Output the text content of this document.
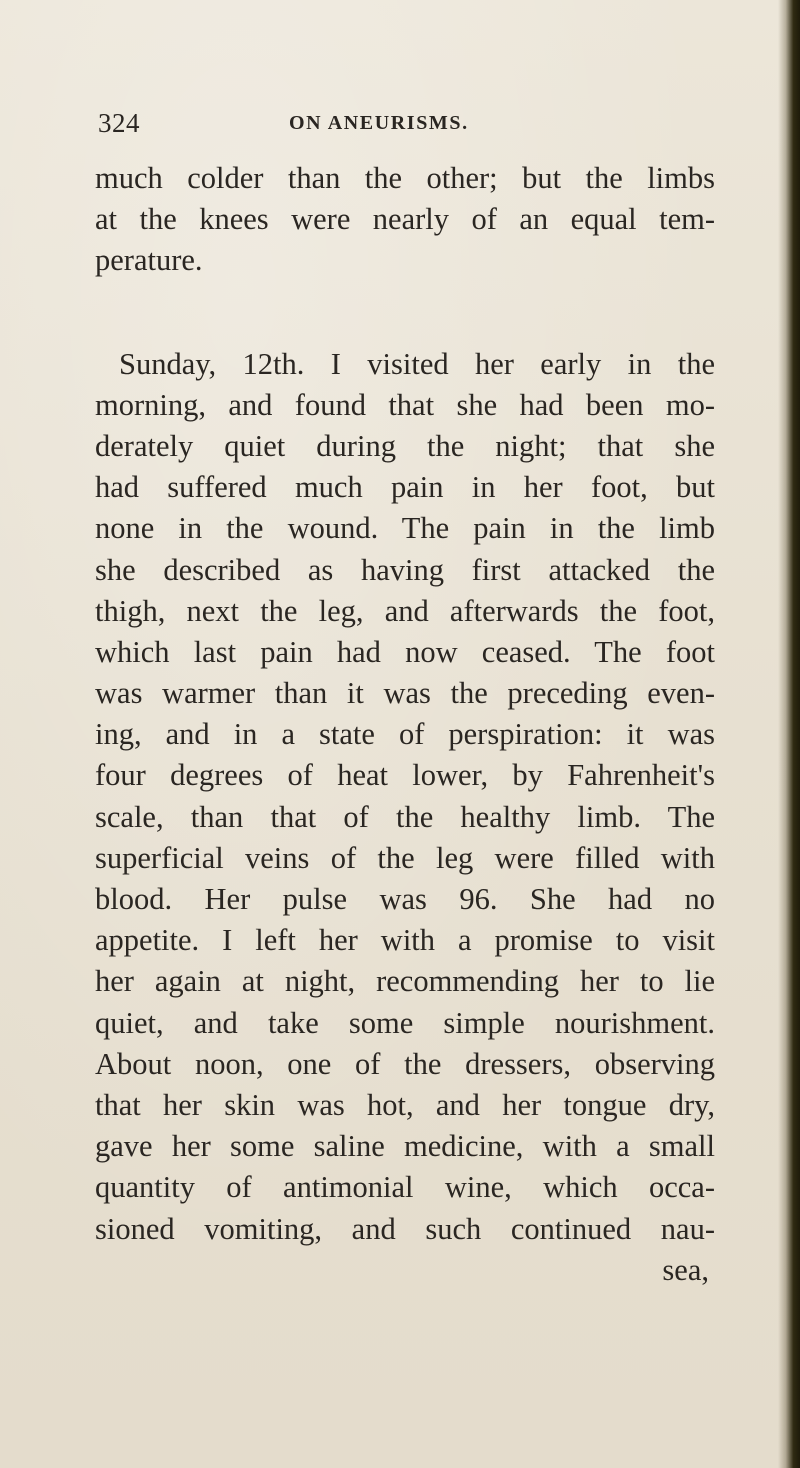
324	ON ANEURISMS.
much colder than the other; but the limbs
at the knees were nearly of an equal tem-
perature.
Sunday, 12th. I visited her early in the
morning, and found that she had been mo-
derately quiet during the night; that she
had suffered much pain in her foot, but
none in the wound. The pain in the limb
she described as having first attacked the
thigh, next the leg, and afterwards the foot,
which last pain had now ceased. The foot
was warmer than it was the preceding even-
ing, and in a state of perspiration: it was
four degrees of heat lower, by Fahrenheit's
scale, than that of the healthy limb. The
superficial veins of the leg were filled with
blood. Her pulse was 96. She had no
appetite. I left her with a promise to visit
her again at night, recommending her to lie
quiet, and take some simple nourishment.
About noon, one of the dressers, observing
that her skin was hot, and her tongue dry,
gave her some saline medicine, with a small
quantity of antimonial wine, which occa-
sioned vomiting, and such continued nau-
sea,
